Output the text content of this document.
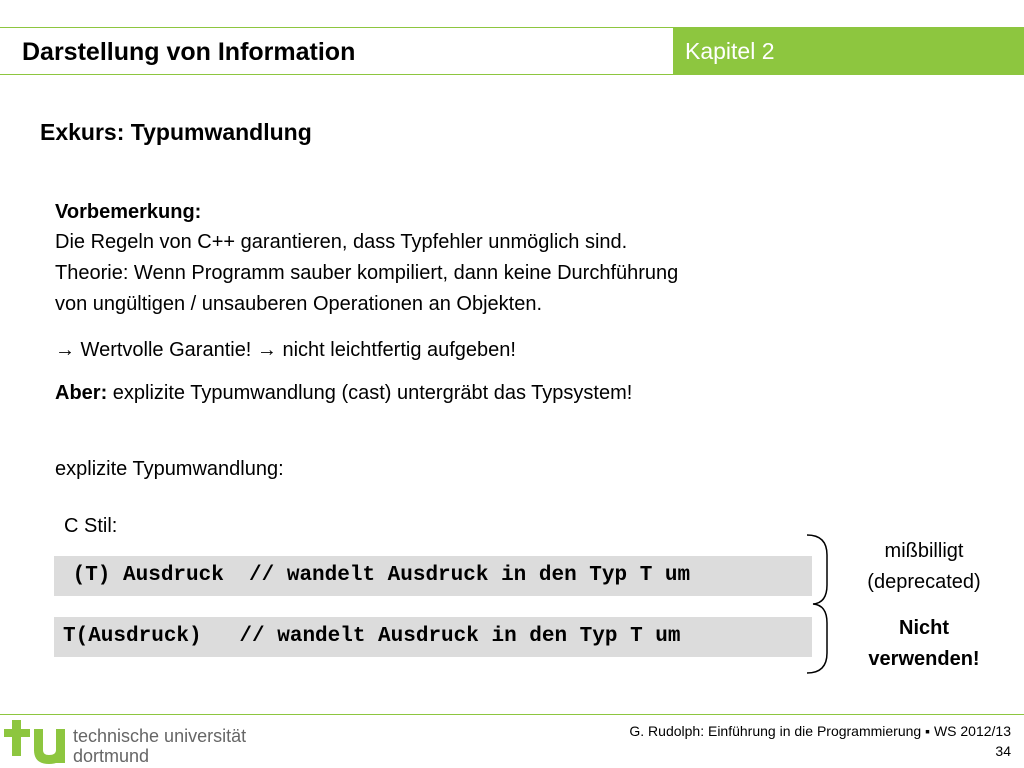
Darstellung von Information	Kapitel 2
Exkurs: Typumwandlung
Vorbemerkung:
Die Regeln von C++ garantieren, dass Typfehler unmöglich sind.
Theorie: Wenn Programm sauber kompiliert, dann keine Durchführung
von ungültigen / unsauberen Operationen an Objekten.
→ Wertvolle Garantie! → nicht leichtfertig aufgeben!
Aber: explizite Typumwandlung (cast) untergräbt das Typsystem!
explizite Typumwandlung:
C Stil:
(T) Ausdruck  // wandelt Ausdruck in den Typ T um
T(Ausdruck)   // wandelt Ausdruck in den Typ T um
mißbilligt
(deprecated)
Nicht
verwenden!
technische universität
dortmund
G. Rudolph: Einführung in die Programmierung ▪ WS 2012/13
34
